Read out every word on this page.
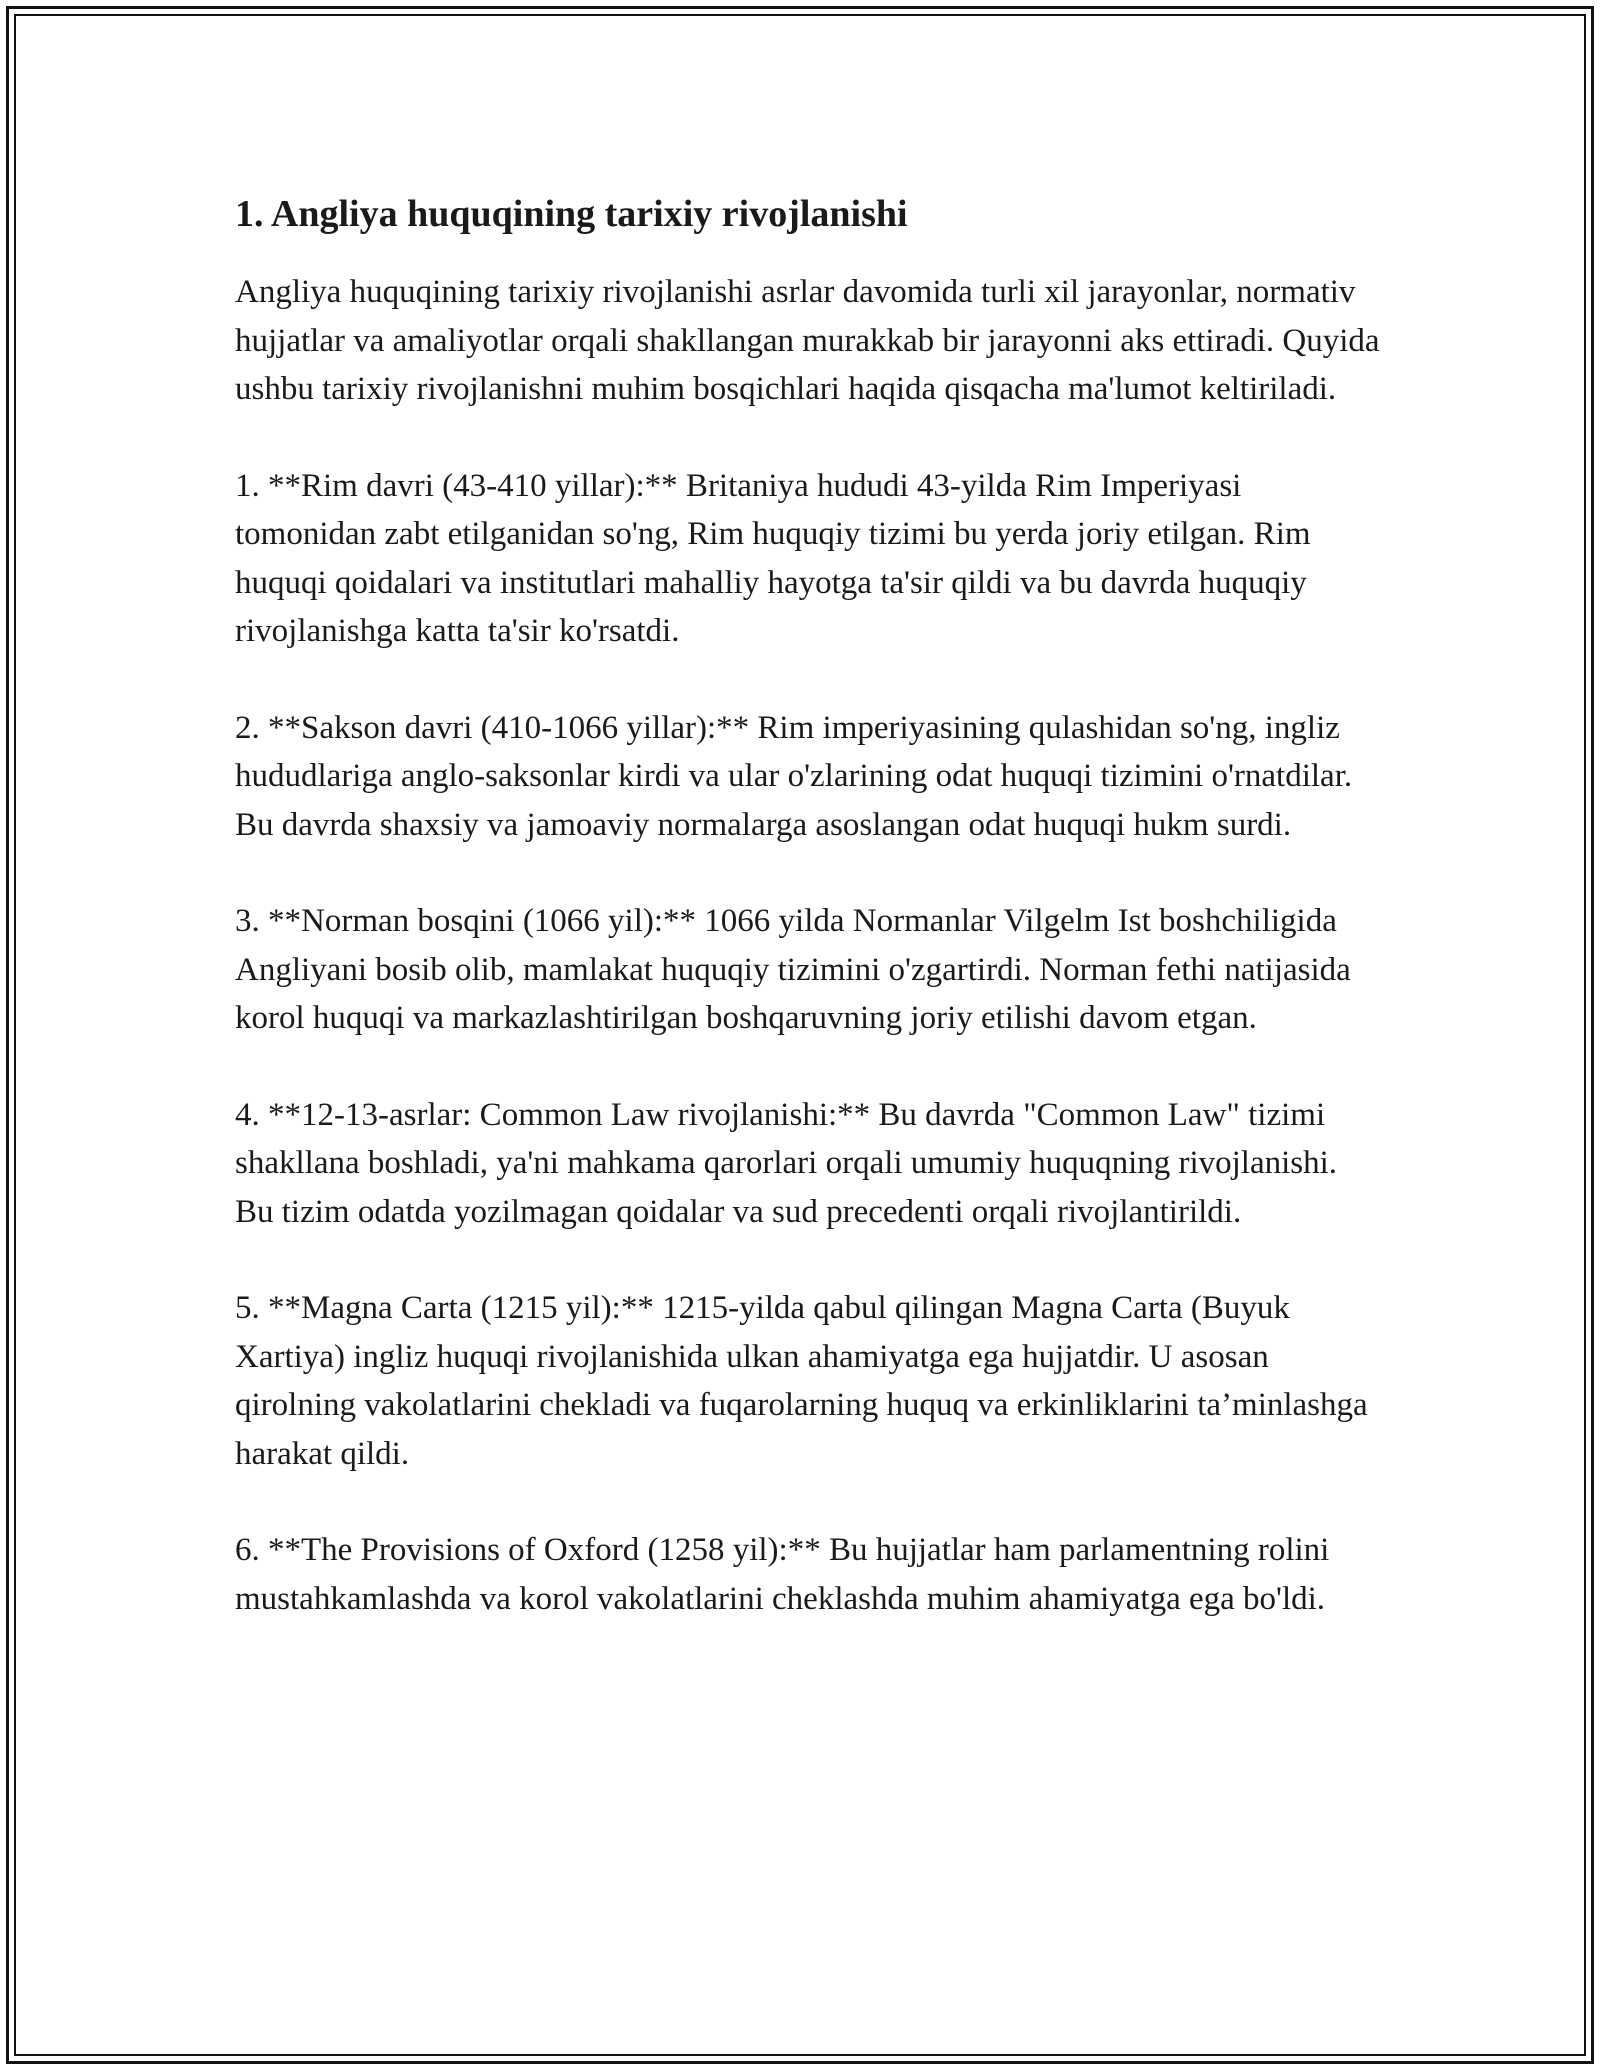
1. Angliya huquqining tarixiy rivojlanishi

Angliya huquqining tarixiy rivojlanishi asrlar davomida turli xil jarayonlar, normativ hujjatlar va amaliyotlar orqali shakllangan murakkab bir jarayonni aks ettiradi. Quyida ushbu tarixiy rivojlanishni muhim bosqichlari haqida qisqacha ma'lumot keltiriladi.

1. **Rim davri (43-410 yillar):** Britaniya hududi 43-yilda Rim Imperiyasi tomonidan zabt etilganidan so'ng, Rim huquqiy tizimi bu yerda joriy etilgan. Rim huquqi qoidalari va institutlari mahalliy hayotga ta'sir qildi va bu davrda huquqiy rivojlanishga katta ta'sir ko'rsatdi.

2. **Sakson davri (410-1066 yillar):** Rim imperiyasining qulashidan so'ng, ingliz hududlariga anglo-saksonlar kirdi va ular o'zlarining odat huquqi tizimini o'rnatdilar. Bu davrda shaxsiy va jamoaviy normalarga asoslangan odat huquqi hukm surdi.

3. **Norman bosqini (1066 yil):** 1066 yilda Normanlar Vilgelm Ist boshchiligida Angliyani bosib olib, mamlakat huquqiy tizimini o'zgartirdi. Norman fethi natijasida korol huquqi va markazlashtirilgan boshqaruvning joriy etilishi davom etgan.

4. **12-13-asrlar: Common Law rivojlanishi:** Bu davrda "Common Law" tizimi shakllana boshladi, ya'ni mahkama qarorlari orqali umumiy huquqning rivojlanishi. Bu tizim odatda yozilmagan qoidalar va sud precedenti orqali rivojlantirildi.

5. **Magna Carta (1215 yil):** 1215-yilda qabul qilingan Magna Carta (Buyuk Xartiya) ingliz huquqi rivojlanishida ulkan ahamiyatga ega hujjatdir. U asosan qirolning vakolatlarini chekladi va fuqarolarning huquq va erkinliklarini ta’minlashga harakat qildi.

6. **The Provisions of Oxford (1258 yil):** Bu hujjatlar ham parlamentning rolini mustahkamlashda va korol vakolatlarini cheklashda muhim ahamiyatga ega bo'ldi.
